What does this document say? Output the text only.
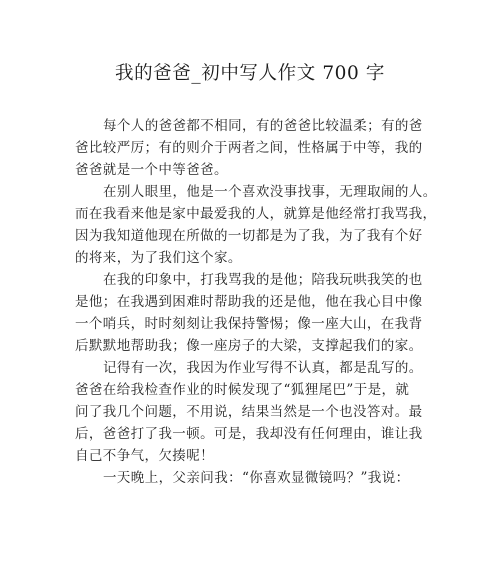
我的爸爸_初中写人作文 700 字

每个人的爸爸都不相同，有的爸爸比较温柔；有的爸
爸比较严厉；有的则介于两者之间，性格属于中等，我的
爸爸就是一个中等爸爸。

在别人眼里，他是一个喜欢没事找事，无理取闹的人。
而在我看来他是家中最爱我的人，就算是他经常打我骂我，
因为我知道他现在所做的一切都是为了我，为了我有个好
的将来，为了我们这个家。

在我的印象中，打我骂我的是他；陪我玩哄我笑的也
是他；在我遇到困难时帮助我的还是他，他在我心目中像
一个哨兵，时时刻刻让我保持警惕；像一座大山，在我背
后默默地帮助我；像一座房子的大梁，支撑起我们的家。

记得有一次，我因为作业写得不认真，都是乱写的。
爸爸在给我检查作业的时候发现了“狐狸尾巴”于是，就
问了我几个问题，不用说，结果当然是一个也没答对。最
后，爸爸打了我一顿。可是，我却没有任何理由，谁让我
自己不争气，欠揍呢！

一天晚上，父亲问我：“你喜欢显微镜吗？”我说：
